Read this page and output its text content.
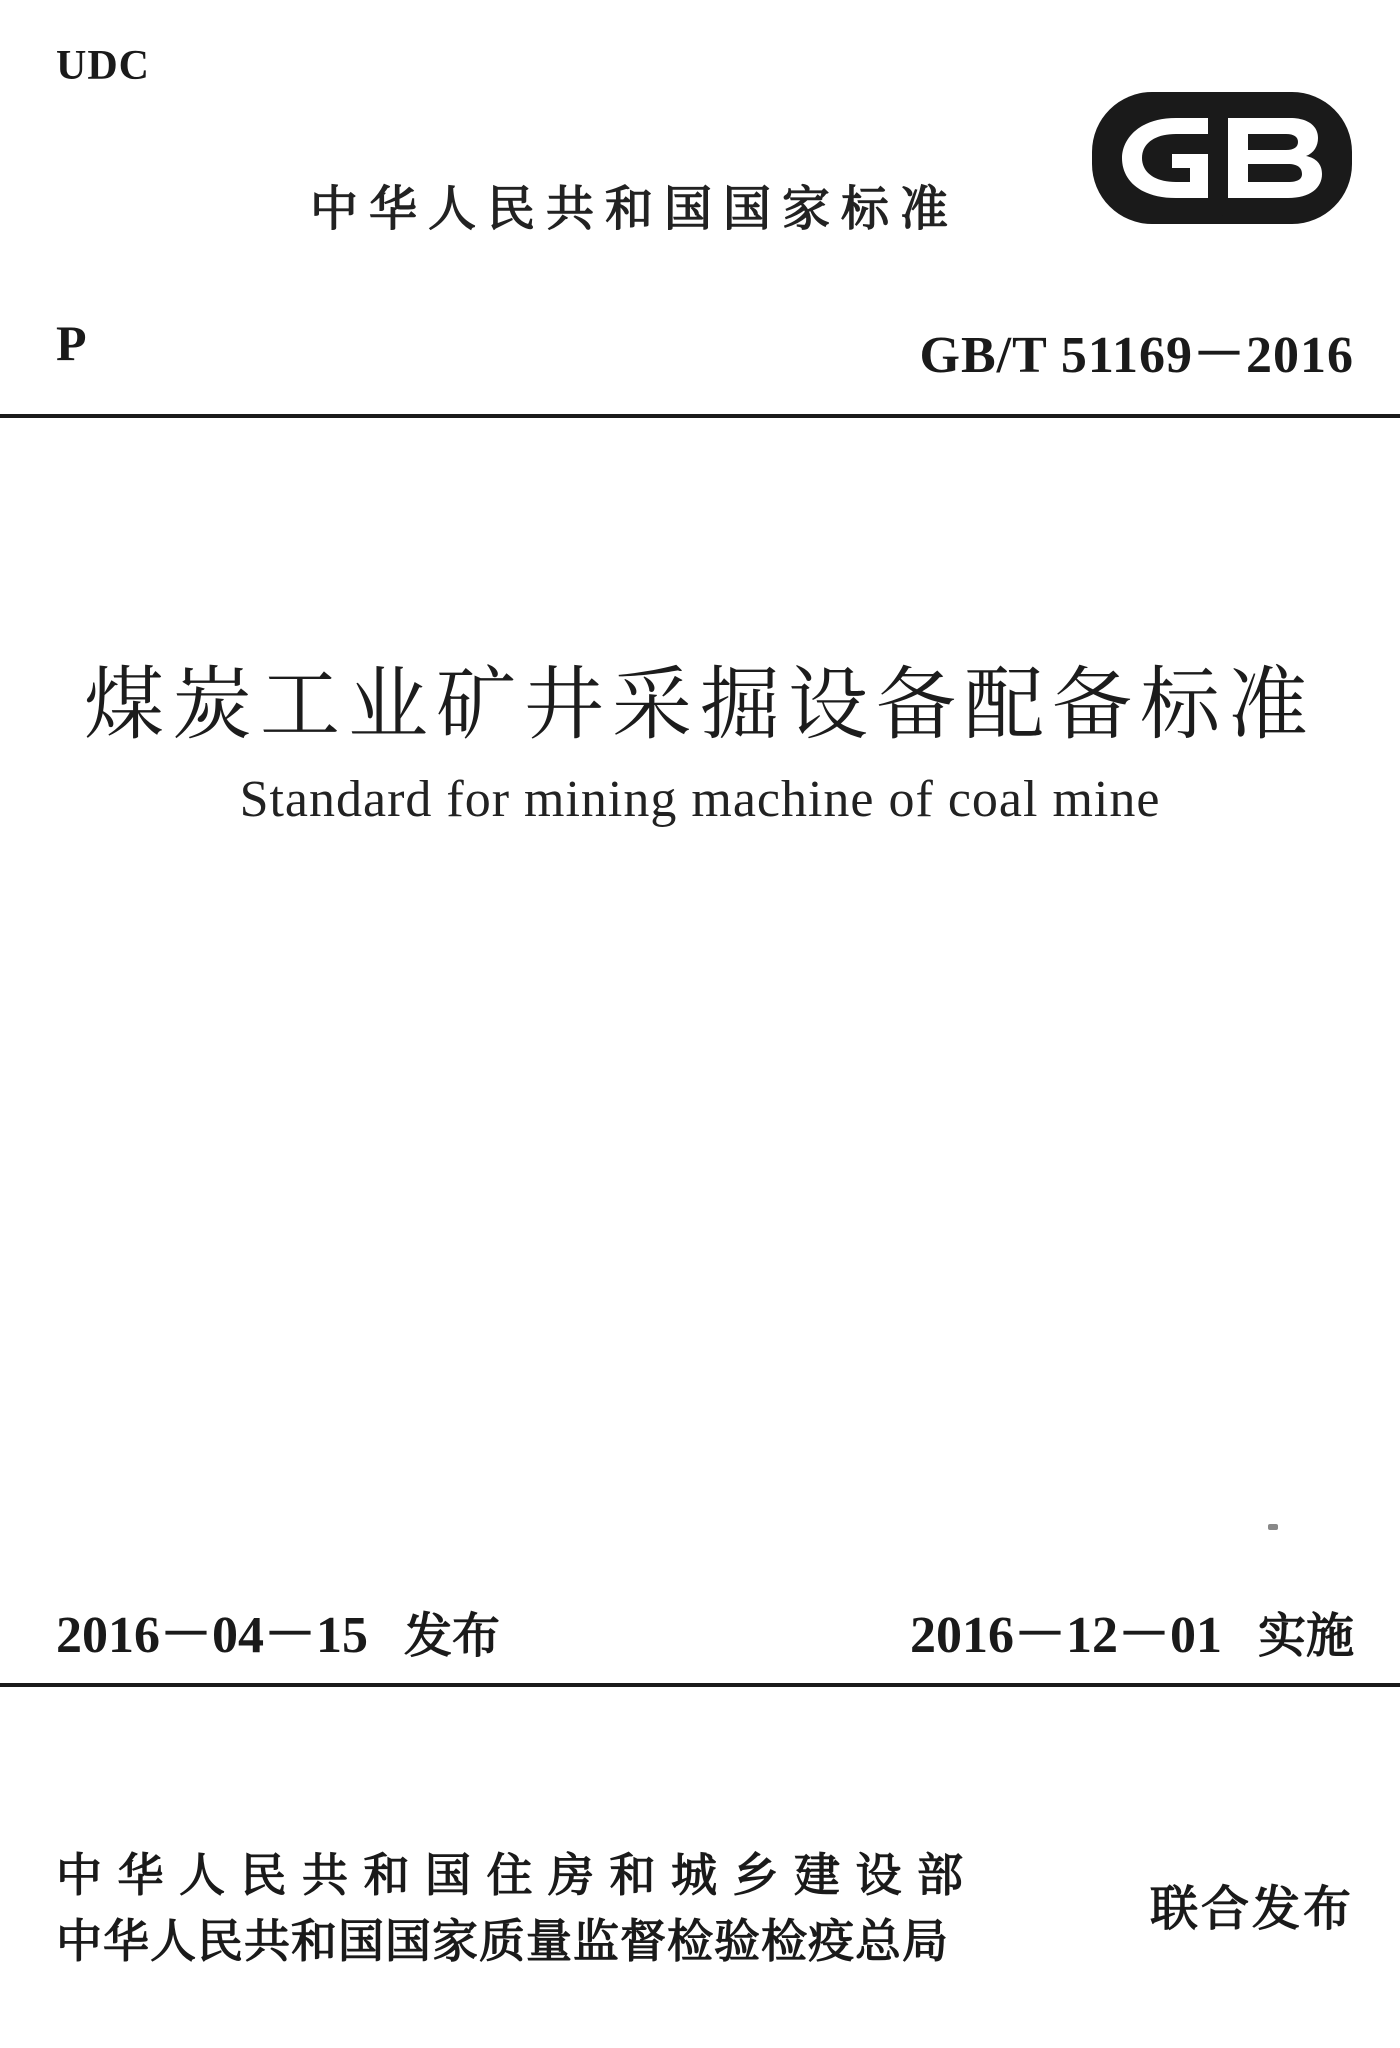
UDC
中华人民共和国国家标准	GB
P	GB/T 51169－2016
煤炭工业矿井采掘设备配备标准
Standard for mining machine of coal mine
2016－04－15 发布	2016－12－01 实施
中华人民共和国住房和城乡建设部
中华人民共和国国家质量监督检验检疫总局
联合发布
